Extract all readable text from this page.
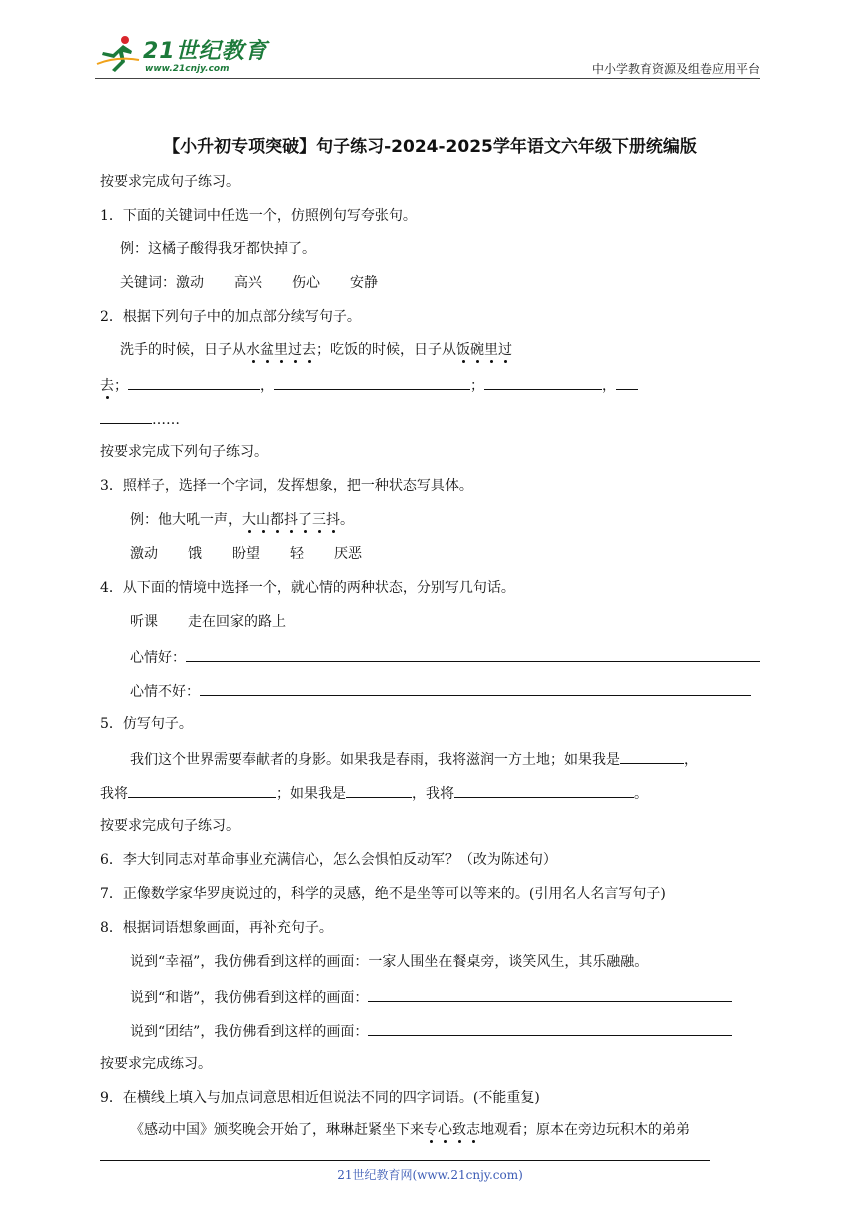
21世纪教育
www.21cnjy.com	中小学教育资源及组卷应用平台
【小升初专项突破】句子练习-2024-2025学年语文六年级下册统编版
按要求完成句子练习。
1．下面的关键词中任选一个，仿照例句写夸张句。
例：这橘子酸得我牙都快掉了。
关键词：激动 高兴 伤心 安静
2．根据下列句子中的加点部分续写句子。
洗手的时候，日子从水盆里过去；吃饭的时候，日子从饭碗里过
去；	，	；	，
……
按要求完成下列句子练习。
3．照样子，选择一个字词，发挥想象，把一种状态写具体。
例：他大吼一声，大山都抖了三抖。
激动 饿 盼望 轻 厌恶
4．从下面的情境中选择一个，就心情的两种状态，分别写几句话。
听课 走在回家的路上
心情好：
心情不好：
5．仿写句子。
我们这个世界需要奉献者的身影。如果我是春雨，我将滋润一方土地；如果我是	，
我将	；如果我是	，我将	。
按要求完成句子练习。
6．李大钊同志对革命事业充满信心，怎么会惧怕反动军？（改为陈述句）
7．正像数学家华罗庚说过的，科学的灵感，绝不是坐等可以等来的。(引用名人名言写句子)
8．根据词语想象画面，再补充句子。
说到“幸福”，我仿佛看到这样的画面：一家人围坐在餐桌旁，谈笑风生，其乐融融。
说到“和谐”，我仿佛看到这样的画面：
说到“团结”，我仿佛看到这样的画面：
按要求完成练习。
9．在横线上填入与加点词意思相近但说法不同的四字词语。(不能重复)
《感动中国》颁奖晚会开始了，琳琳赶紧坐下来专心致志地观看；原本在旁边玩积木的弟弟
21世纪教育网(www.21cnjy.com)
